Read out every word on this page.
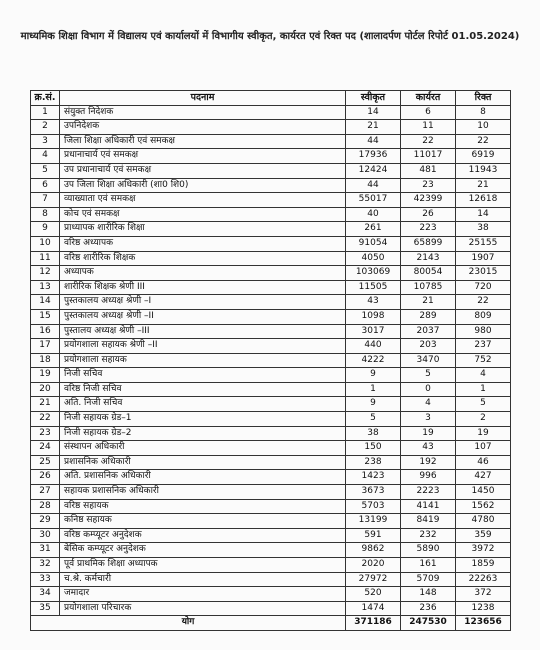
माध्यमिक शिक्षा विभाग में विद्यालय एवं कार्यालयों में विभागीय स्वीकृत, कार्यरत एवं रिक्त पद (शालादर्पण पोर्टल रिपोर्ट 01.05.2024)
क्र.सं.	पदनाम	स्वीकृत	कार्यरत	रिक्त
1	संयुक्त निदेशक	14	6	8
2	उपनिदेशक	21	11	10
3	जिला शिक्षा अधिकारी एवं समकक्ष	44	22	22
4	प्रधानाचार्य एवं समकक्ष	17936	11017	6919
5	उप प्रधानाचार्य एवं समकक्ष	12424	481	11943
6	उप जिला शिक्षा अधिकारी (शा0 शि0)	44	23	21
7	व्याख्याता एवं समकक्ष	55017	42399	12618
8	कोच एवं समकक्ष	40	26	14
9	प्राध्यापक शारीरिक शिक्षा	261	223	38
10	वरिष्ठ अध्यापक	91054	65899	25155
11	वरिष्ठ शारीरिक शिक्षक	4050	2143	1907
12	अध्यापक	103069	80054	23015
13	शारीरिक शिक्षक श्रेणी III	11505	10785	720
14	पुस्तकालय अध्यक्ष श्रेणी –I	43	21	22
15	पुस्तकालय अध्यक्ष श्रेणी –II	1098	289	809
16	पुस्तालय अध्यक्ष श्रेणी –III	3017	2037	980
17	प्रयोगशाला सहायक श्रेणी –II	440	203	237
18	प्रयोगशाला सहायक	4222	3470	752
19	निजी सचिव	9	5	4
20	वरिष्ठ निजी सचिव	1	0	1
21	अति. निजी सचिव	9	4	5
22	निजी सहायक ग्रेड–1	5	3	2
23	निजी सहायक ग्रेड–2	38	19	19
24	संस्थापन अधिकारी	150	43	107
25	प्रशासनिक अधिकारी	238	192	46
26	अति. प्रशासनिक अधिकारी	1423	996	427
27	सहायक प्रशासनिक अधिकारी	3673	2223	1450
28	वरिष्ठ सहायक	5703	4141	1562
29	कनिष्ठ सहायक	13199	8419	4780
30	वरिष्ठ कम्प्यूटर अनुदेशक	591	232	359
31	बेसिक कम्प्यूटर अनुदेशक	9862	5890	3972
32	पूर्व प्राथमिक शिक्षा अध्यापक	2020	161	1859
33	च.श्रे. कर्मचारी	27972	5709	22263
34	जमादार	520	148	372
35	प्रयोगशाला परिचारक	1474	236	1238
योग		371186	247530	123656
